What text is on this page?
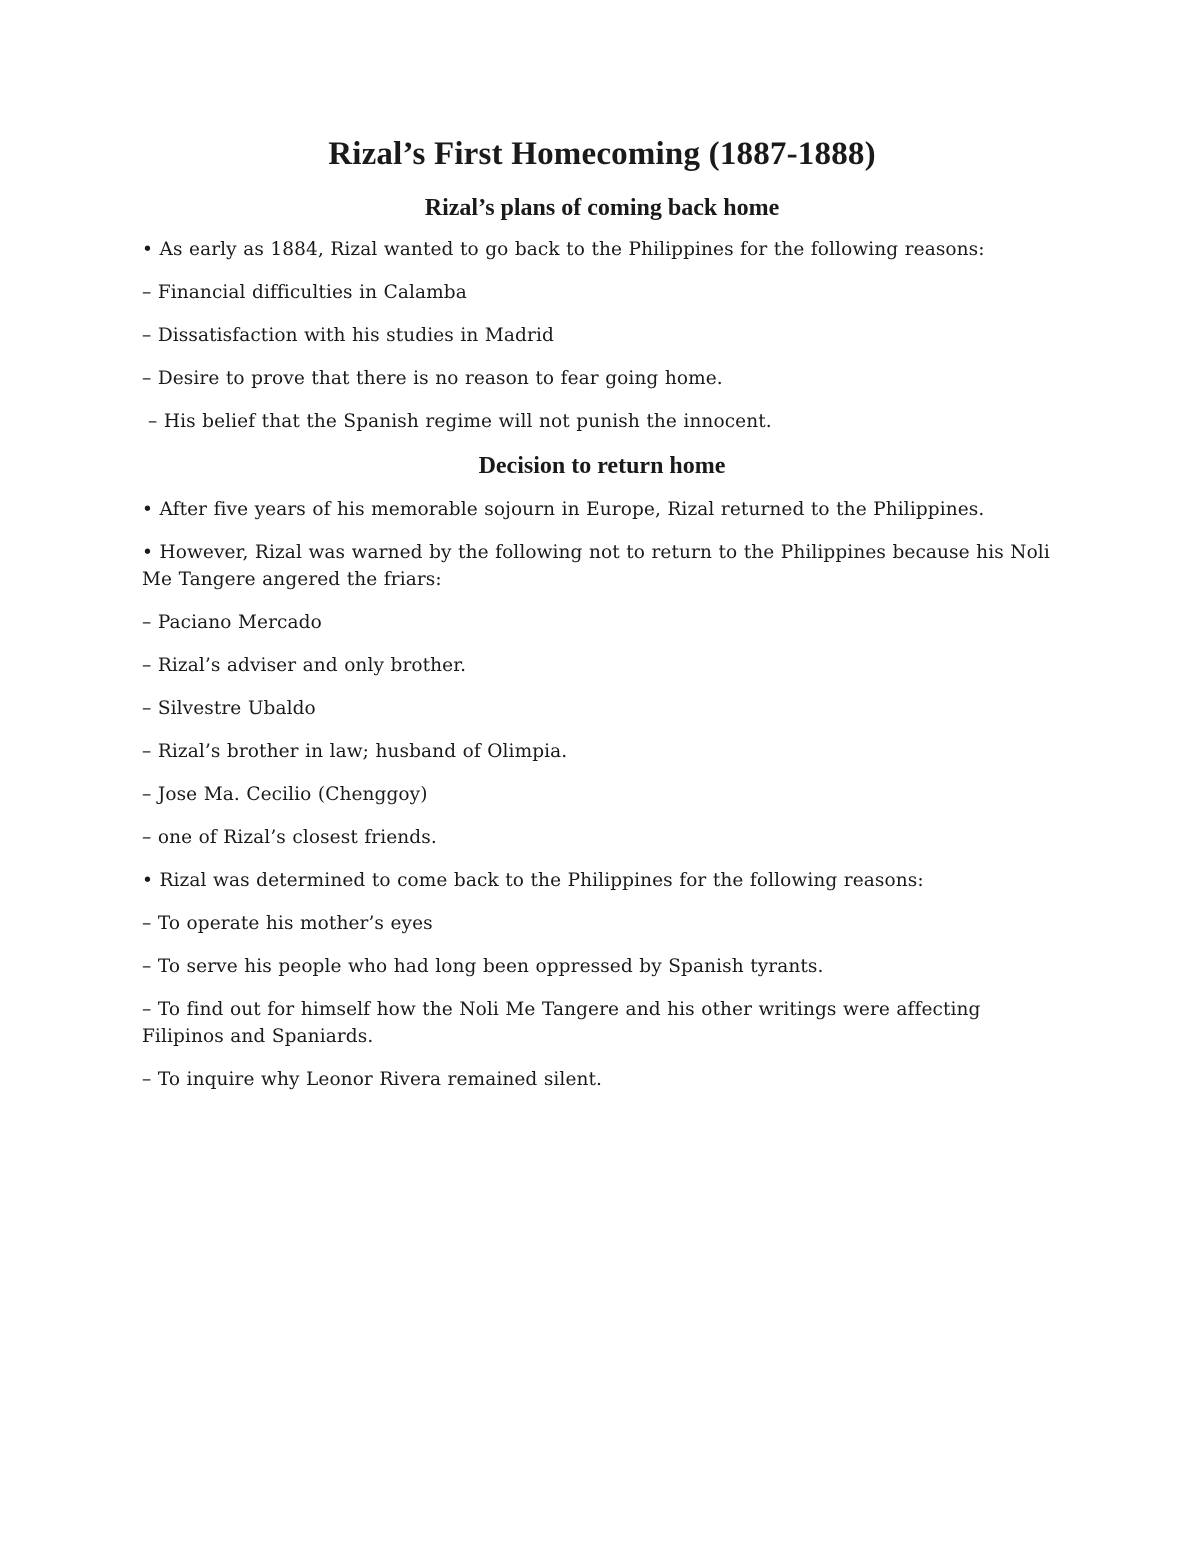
Rizal’s First Homecoming (1887-1888)
Rizal’s plans of coming back home

• As early as 1884, Rizal wanted to go back to the Philippines for the following reasons:

– Financial difficulties in Calamba

– Dissatisfaction with his studies in Madrid

– Desire to prove that there is no reason to fear going home.

– His belief that the Spanish regime will not punish the innocent.

Decision to return home

• After five years of his memorable sojourn in Europe, Rizal returned to the Philippines.

• However, Rizal was warned by the following not to return to the Philippines because his Noli Me Tangere angered the friars:

– Paciano Mercado

– Rizal’s adviser and only brother.

– Silvestre Ubaldo

– Rizal’s brother in law; husband of Olimpia.

– Jose Ma. Cecilio (Chenggoy)

– one of Rizal’s closest friends.

• Rizal was determined to come back to the Philippines for the following reasons:

– To operate his mother’s eyes

– To serve his people who had long been oppressed by Spanish tyrants.

– To find out for himself how the Noli Me Tangere and his other writings were affecting Filipinos and Spaniards.

– To inquire why Leonor Rivera remained silent.
